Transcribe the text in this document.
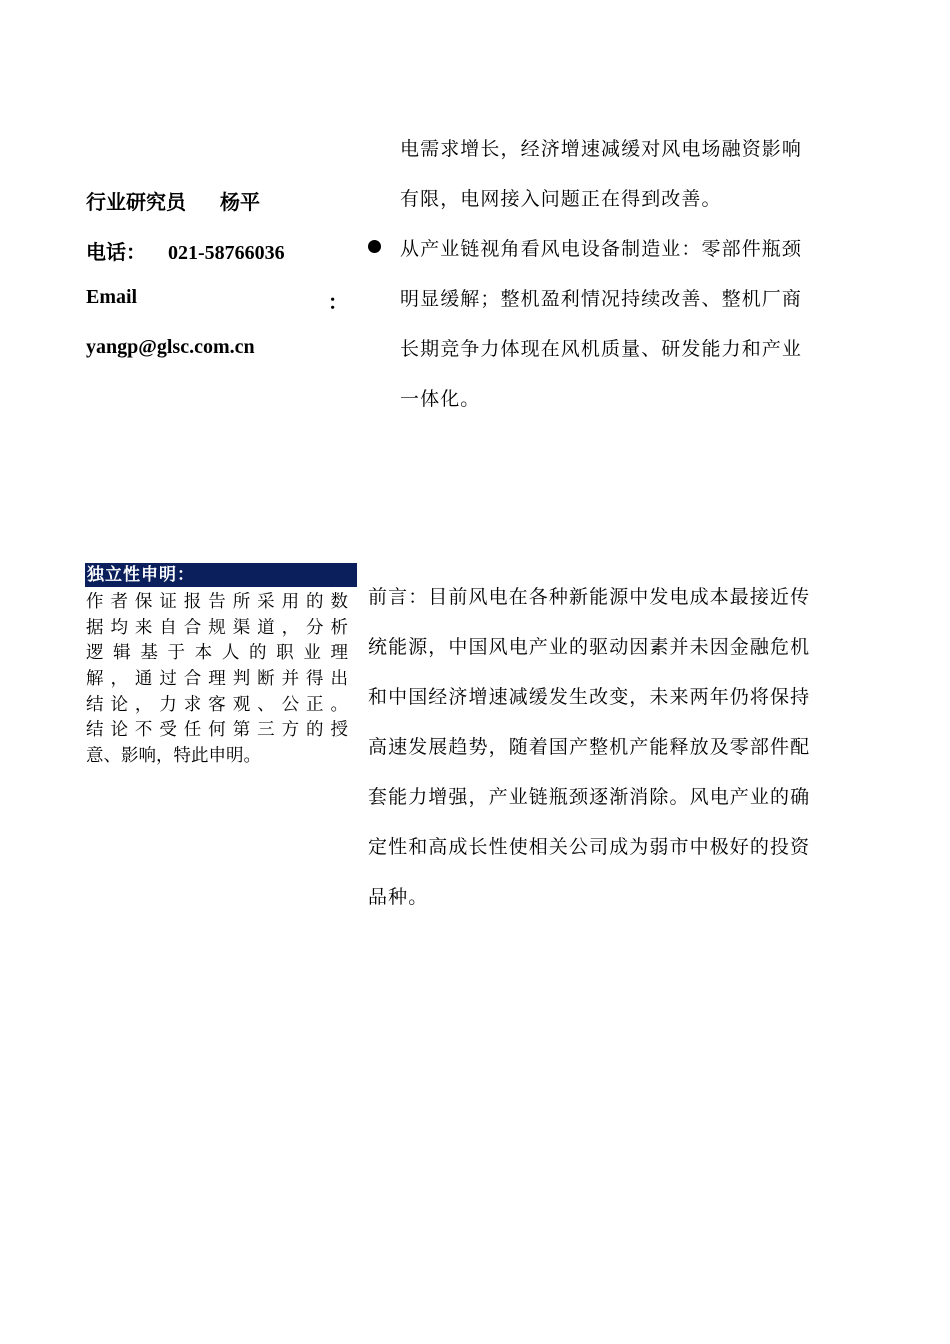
行业研究员 杨平
电话： 021-58766036
Email	：
yangp@glsc.com.cn
电需求增长，经济增速减缓对风电场融资影响
有限，电网接入问题正在得到改善。
从产业链视角看风电设备制造业：零部件瓶颈
明显缓解；整机盈利情况持续改善、整机厂商
长期竞争力体现在风机质量、研发能力和产业
一体化。
独立性申明：
作者保证报告所采用的数
据均来自合规渠道，分析
逻辑基于本人的职业理
解，通过合理判断并得出
结论，力求客观、公正。
结论不受任何第三方的授
意、影响，特此申明。
前言：目前风电在各种新能源中发电成本最接近传
统能源，中国风电产业的驱动因素并未因金融危机
和中国经济增速减缓发生改变，未来两年仍将保持
高速发展趋势，随着国产整机产能释放及零部件配
套能力增强，产业链瓶颈逐渐消除。风电产业的确
定性和高成长性使相关公司成为弱市中极好的投资
品种。
